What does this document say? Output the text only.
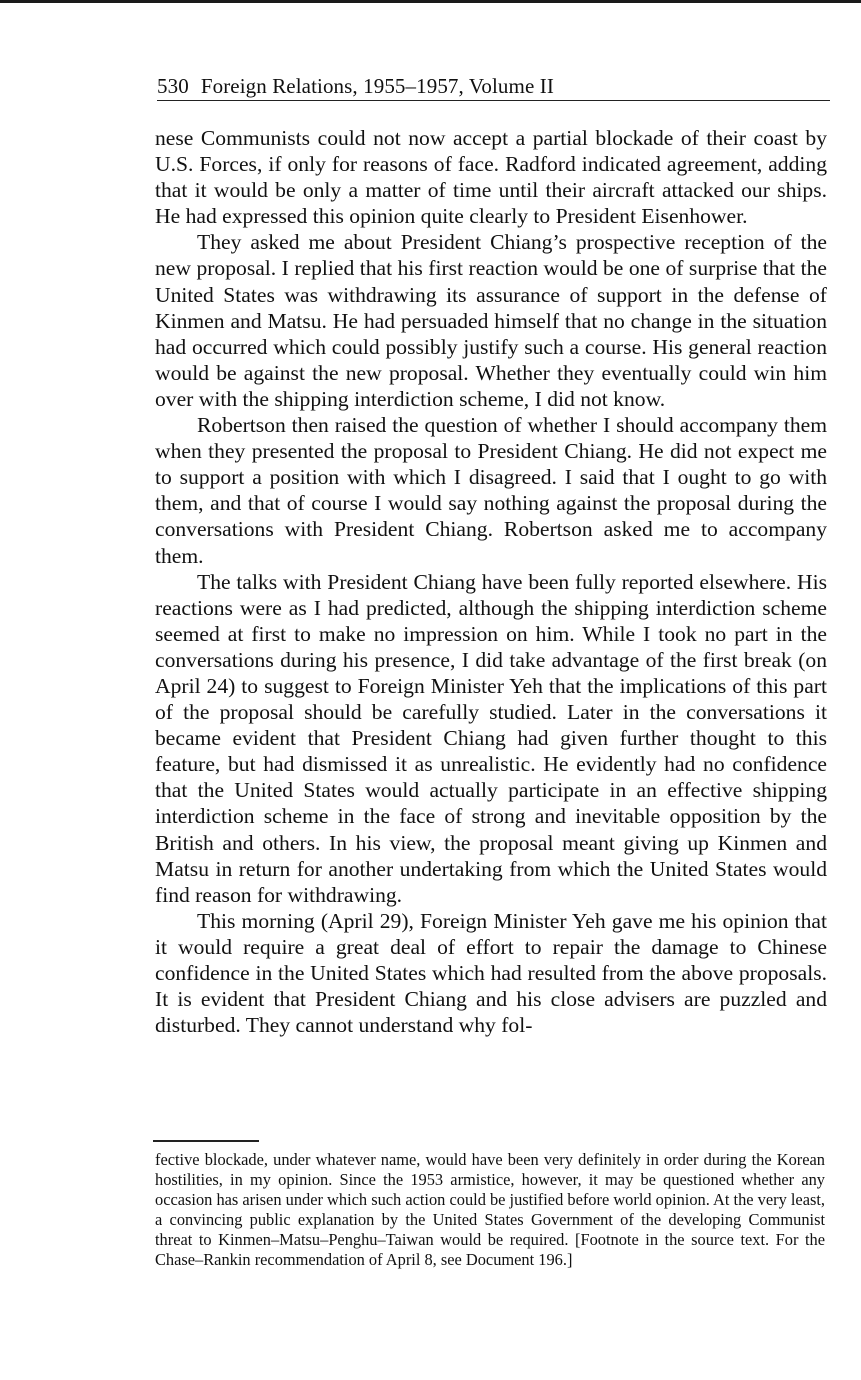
530 Foreign Relations, 1955–1957, Volume II

nese Communists could not now accept a partial blockade of their coast by U.S. Forces, if only for reasons of face. Radford indicated agreement, adding that it would be only a matter of time until their aircraft attacked our ships. He had expressed this opinion quite clearly to President Eisenhower.

They asked me about President Chiang’s prospective reception of the new proposal. I replied that his first reaction would be one of surprise that the United States was withdrawing its assurance of support in the defense of Kinmen and Matsu. He had persuaded himself that no change in the situation had occurred which could possibly justify such a course. His general reaction would be against the new proposal. Whether they eventually could win him over with the shipping interdiction scheme, I did not know.

Robertson then raised the question of whether I should accompany them when they presented the proposal to President Chiang. He did not expect me to support a position with which I disagreed. I said that I ought to go with them, and that of course I would say nothing against the proposal during the conversations with President Chiang. Robertson asked me to accompany them.

The talks with President Chiang have been fully reported elsewhere. His reactions were as I had predicted, although the shipping interdiction scheme seemed at first to make no impression on him. While I took no part in the conversations during his presence, I did take advantage of the first break (on April 24) to suggest to Foreign Minister Yeh that the implications of this part of the proposal should be carefully studied. Later in the conversations it became evident that President Chiang had given further thought to this feature, but had dismissed it as unrealistic. He evidently had no confidence that the United States would actually participate in an effective shipping interdiction scheme in the face of strong and inevitable opposition by the British and others. In his view, the proposal meant giving up Kinmen and Matsu in return for another undertaking from which the United States would find reason for withdrawing.

This morning (April 29), Foreign Minister Yeh gave me his opinion that it would require a great deal of effort to repair the damage to Chinese confidence in the United States which had resulted from the above proposals. It is evident that President Chiang and his close advisers are puzzled and disturbed. They cannot understand why fol-

fective blockade, under whatever name, would have been very definitely in order during the Korean hostilities, in my opinion. Since the 1953 armistice, however, it may be questioned whether any occasion has arisen under which such action could be justified before world opinion. At the very least, a convincing public explanation by the United States Government of the developing Communist threat to Kinmen–Matsu–Penghu–Taiwan would be required. [Footnote in the source text. For the Chase–Rankin recommendation of April 8, see Document 196.]
